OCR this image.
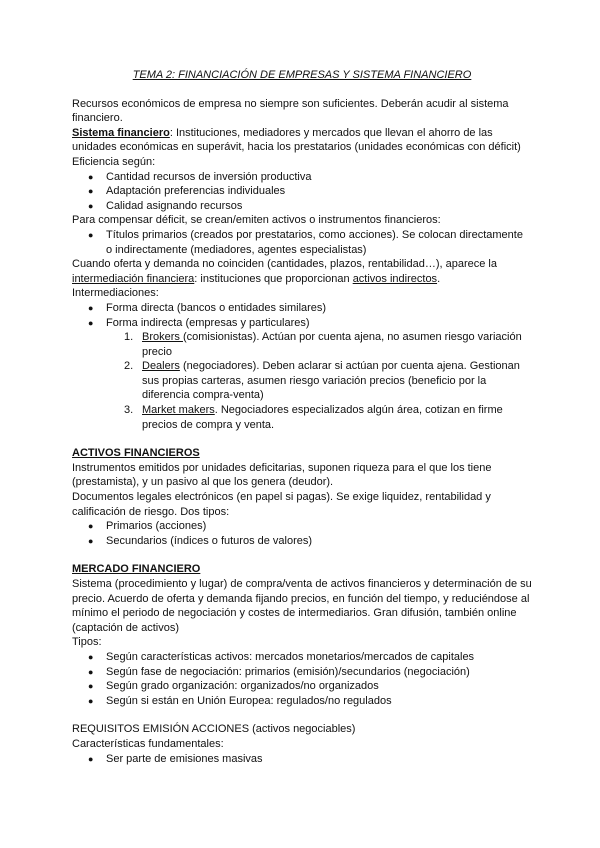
TEMA 2: FINANCIACIÓN DE EMPRESAS Y SISTEMA FINANCIERO

Recursos económicos de empresa no siempre son suficientes. Deberán acudir al sistema financiero.

Sistema financiero: Instituciones, mediadores y mercados que llevan el ahorro de las unidades económicas en superávit, hacia los prestatarios (unidades económicas con déficit)

Eficiencia según:

● Cantidad recursos de inversión productiva
● Adaptación preferencias individuales
● Calidad asignando recursos

Para compensar déficit, se crean/emiten activos o instrumentos financieros:

● Títulos primarios (creados por prestatarios, como acciones). Se colocan directamente o indirectamente (mediadores, agentes especialistas)

Cuando oferta y demanda no coinciden (cantidades, plazos, rentabilidad…), aparece la intermediación financiera: instituciones que proporcionan activos indirectos.

Intermediaciones:

● Forma directa (bancos o entidades similares)
● Forma indirecta (empresas y particulares)
1. Brokers (comisionistas). Actúan por cuenta ajena, no asumen riesgo variación precio
2. Dealers (negociadores). Deben aclarar si actúan por cuenta ajena. Gestionan sus propias carteras, asumen riesgo variación precios (beneficio por la diferencia compra-venta)
3. Market makers. Negociadores especializados algún área, cotizan en firme precios de compra y venta.

ACTIVOS FINANCIEROS

Instrumentos emitidos por unidades deficitarias, suponen riqueza para el que los tiene (prestamista), y un pasivo al que los genera (deudor).

Documentos legales electrónicos (en papel si pagas). Se exige liquidez, rentabilidad y calificación de riesgo. Dos tipos:

● Primarios (acciones)
● Secundarios (índices o futuros de valores)

MERCADO FINANCIERO

Sistema (procedimiento y lugar) de compra/venta de activos financieros y determinación de su precio. Acuerdo de oferta y demanda fijando precios, en función del tiempo, y reduciéndose al mínimo el periodo de negociación y costes de intermediarios. Gran difusión, también online (captación de activos)

Tipos:

● Según características activos: mercados monetarios/mercados de capitales
● Según fase de negociación: primarios (emisión)/secundarios (negociación)
● Según grado organización: organizados/no organizados
● Según si están en Unión Europea: regulados/no regulados

REQUISITOS EMISIÓN ACCIONES (activos negociables)

Características fundamentales:

● Ser parte de emisiones masivas
